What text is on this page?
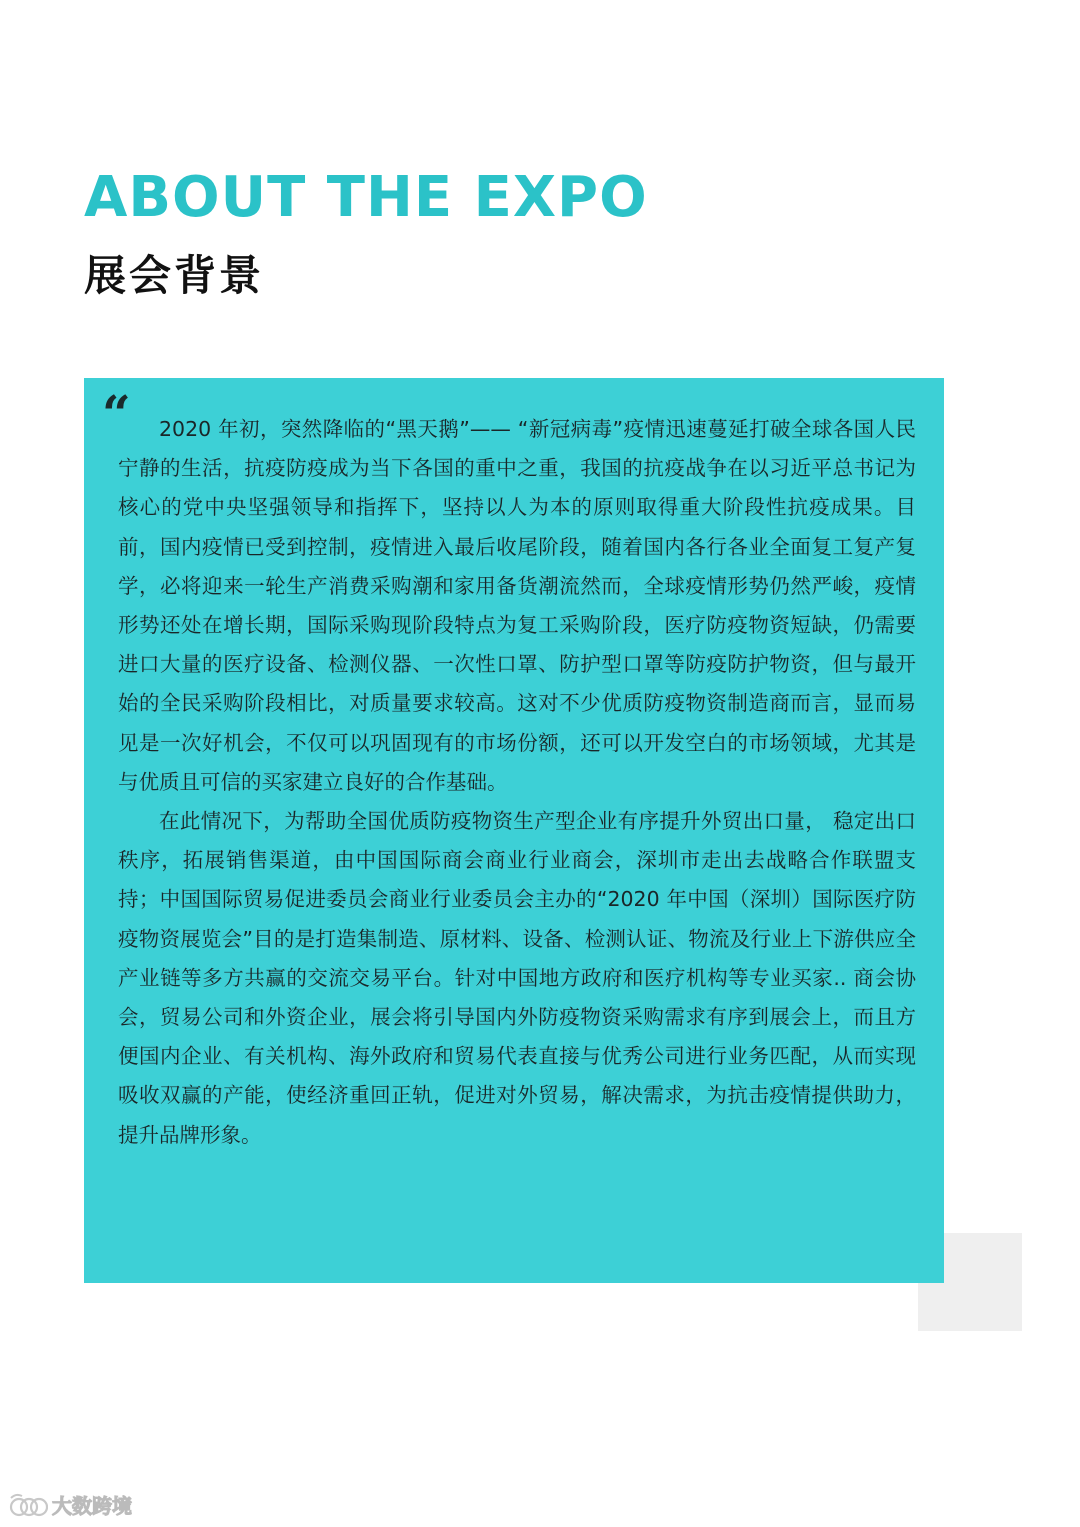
ABOUT THE EXPO
展会背景
“	2020 年初，突然降临的“黑天鹅”—— “新冠病毒”疫情迅速蔓延打破全球各国人民宁静的生活，抗疫防疫成为当下各国的重中之重，我国的抗疫战争在以习近平总书记为核心的党中央坚强领导和指挥下，坚持以人为本的原则取得重大阶段性抗疫成果。目前，国内疫情已受到控制，疫情进入最后收尾阶段，随着国内各行各业全面复工复产复学，必将迎来一轮生产消费采购潮和家用备货潮流然而，全球疫情形势仍然严峻，疫情形势还处在增长期，国际采购现阶段特点为复工采购阶段，医疗防疫物资短缺，仍需要进口大量的医疗设备、检测仪器、一次性口罩、防护型口罩等防疫防护物资，但与最开始的全民采购阶段相比，对质量要求较高。这对不少优质防疫物资制造商而言，显而易见是一次好机会，不仅可以巩固现有的市场份额，还可以开发空白的市场领域，尤其是与优质且可信的买家建立良好的合作基础。

在此情况下，为帮助全国优质防疫物资生产型企业有序提升外贸出口量， 稳定出口秩序，拓展销售渠道，由中国国际商会商业行业商会，深圳市走出去战略合作联盟支持；中国国际贸易促进委员会商业行业委员会主办的“2020 年中国（深圳）国际医疗防疫物资展览会”目的是打造集制造、原材料、设备、检测认证、物流及行业上下游供应全产业链等多方共赢的交流交易平台。针对中国地方政府和医疗机构等专业买家.. 商会协会，贸易公司和外资企业，展会将引导国内外防疫物资采购需求有序到展会上，而且方便国内企业、有关机构、海外政府和贸易代表直接与优秀公司进行业务匹配，从而实现吸收双赢的产能，使经济重回正轨，促进对外贸易，解决需求，为抗击疫情提供助力，提升品牌形象。

大数跨境
